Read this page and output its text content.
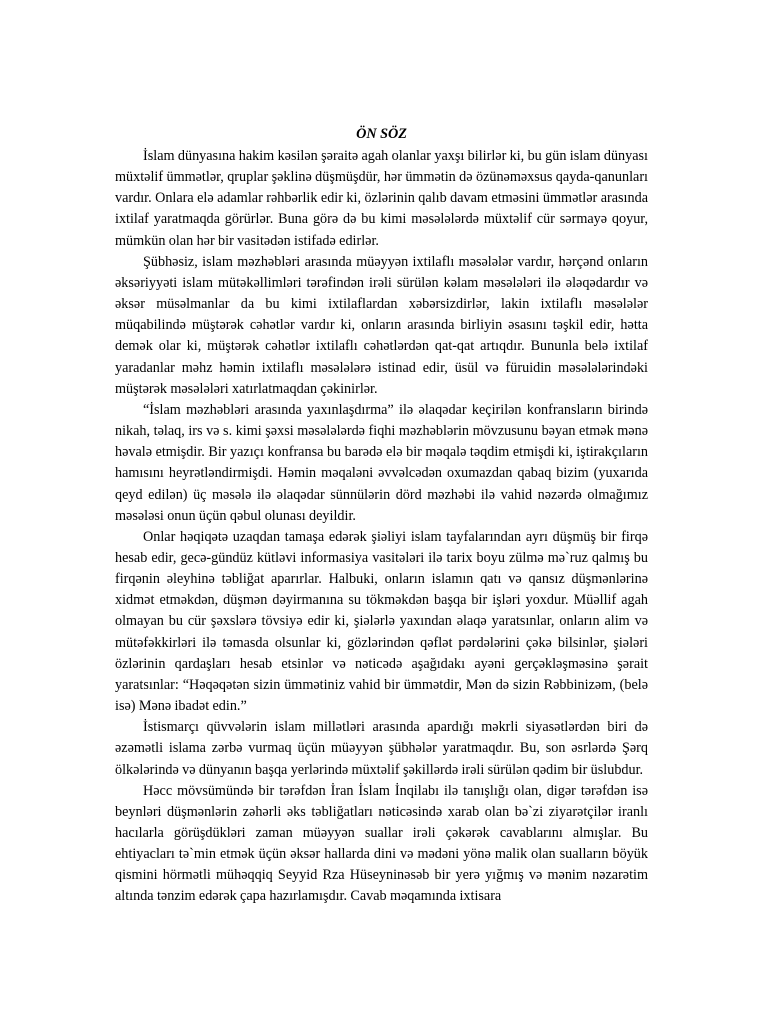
ÖN SÖZ

İslam dünyasına hakim kəsilən şəraitə agah olanlar yaxşı bilirlər ki, bu gün islam dünyası müxtəlif ümmətlər, qruplar şəklinə düşmüşdür, hər ümmətin də özünəməxsus qayda-qanunları vardır. Onlara elə adamlar rəhbərlik edir ki, özlərinin qalıb davam etməsini ümmətlər arasında ixtilaf yaratmaqda görürlər. Buna görə də bu kimi məsələlərdə müxtəlif cür sərmayə qoyur, mümkün olan hər bir vasitədən istifadə edirlər.

Şübhəsiz, islam məzhəbləri arasında müəyyən ixtilaflı məsələlər vardır, hərçənd onların əksəriyyəti islam mütəkəllimləri tərəfindən irəli sürülən kəlam məsələləri ilə ələqədardır və əksər müsəlmanlar da bu kimi ixtilaflardan xəbərsizdirlər, lakin ixtilaflı məsələlər müqabilində müştərək cəhətlər vardır ki, onların arasında birliyin əsasını təşkil edir, hətta demək olar ki, müştərək cəhətlər ixtilaflı cəhətlərdən qat-qat artıqdır. Bununla belə ixtilaf yaradanlar məhz həmin ixtilaflı məsələlərə istinad edir, üsül və füruidin məsələlərindəki müştərək məsələləri xatırlatmaqdan çəkinirlər.

“İslam məzhəbləri arasında yaxınlaşdırma” ilə əlaqədar keçirilən konfransların birində nikah, təlaq, irs və s. kimi şəxsi məsələlərdə fiqhi məzhəblərin mövzusunu bəyan etmək mənə həvalə etmişdir. Bir yazıçı konfransa bu barədə elə bir məqalə təqdim etmişdi ki, iştirakçıların hamısını heyrətləndirmişdi. Həmin məqaləni əvvəlcədən oxumazdan qabaq bizim (yuxarıda qeyd edilən) üç məsələ ilə əlaqədar sünnülərin dörd məzhəbi ilə vahid nəzərdə olmağımız məsələsi onun üçün qəbul olunası deyildir.

Onlar həqiqətə uzaqdan tamaşa edərək şiəliyi islam tayfalarından ayrı düşmüş bir firqə hesab edir, gecə-gündüz kütləvi informasiya vasitələri ilə tarix boyu zülmə mə`ruz qalmış bu firqənin əleyhinə təbliğat aparırlar. Halbuki, onların islamın qatı və qansız düşmənlərinə xidmət etməkdən, düşmən dəyirmanına su tökməkdən başqa bir işləri yoxdur. Müəllif agah olmayan bu cür şəxslərə tövsiyə edir ki, şiələrlə yaxından əlaqə yaratsınlar, onların alim və mütəfəkkirləri ilə təmasda olsunlar ki, gözlərindən qəflət pərdələrini çəkə bilsinlər, şiələri özlərinin qardaşları hesab etsinlər və nəticədə aşağıdakı ayəni gerçəkləşməsinə şərait yaratsınlar: “Həqəqətən sizin ümmətiniz vahid bir ümmətdir, Mən də sizin Rəbbinizəm, (belə isə) Mənə ibadət edin.”

İstismarçı qüvvələrin islam millətləri arasında apardığı məkrli siyasətlərdən biri də əzəmətli islama zərbə vurmaq üçün müəyyən şübhələr yaratmaqdır. Bu, son əsrlərdə Şərq ölkələrində və dünyanın başqa yerlərində müxtəlif şəkillərdə irəli sürülən qədim bir üslubdur.

Həcc mövsümündə bir tərəfdən İran İslam İnqilabı ilə tanışlığı olan, digər tərəfdən isə beynləri düşmənlərin zəhərli əks təbliğatları nəticəsində xarab olan bə`zi ziyarətçilər iranlı hacılarla görüşdükləri zaman müəyyən suallar irəli çəkərək cavablarını almışlar. Bu ehtiyacları tə`min etmək üçün əksər hallarda dini və mədəni yönə malik olan sualların böyük qismini hörmətli mühəqqiq Seyyid Rza Hüseyninəsəb bir yerə yığmış və mənim nəzarətim altında tənzim edərək çapa hazırlamışdır. Cavab məqamında ixtisara
